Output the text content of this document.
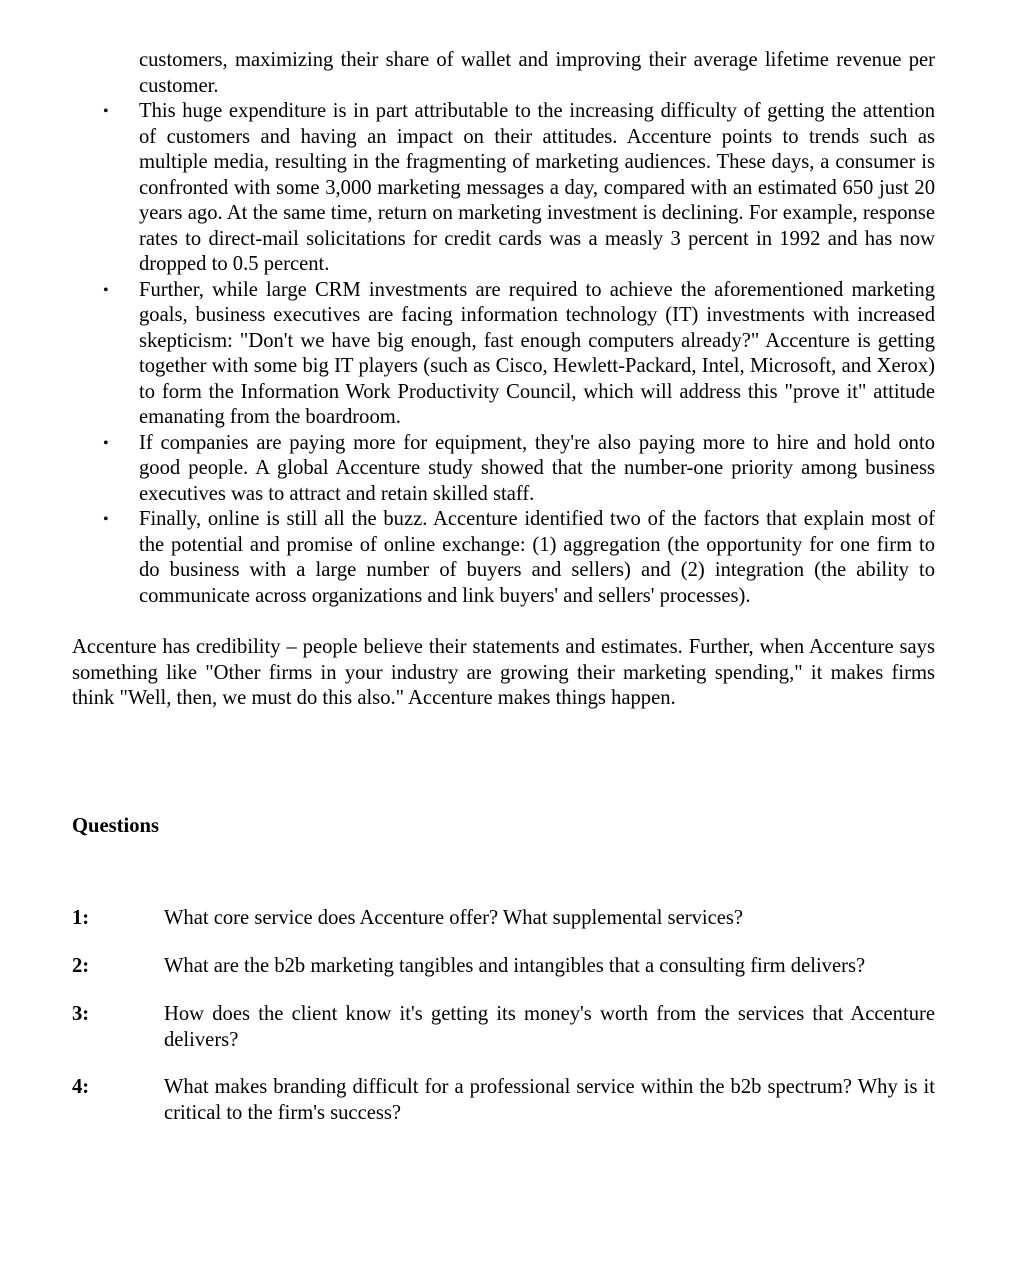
customers, maximizing their share of wallet and improving their average lifetime revenue per customer.
• This huge expenditure is in part attributable to the increasing difficulty of getting the attention of customers and having an impact on their attitudes. Accenture points to trends such as multiple media, resulting in the fragmenting of marketing audiences. These days, a consumer is confronted with some 3,000 marketing messages a day, compared with an estimated 650 just 20 years ago. At the same time, return on marketing investment is declining. For example, response rates to direct-mail solicitations for credit cards was a measly 3 percent in 1992 and has now dropped to 0.5 percent.
• Further, while large CRM investments are required to achieve the aforementioned marketing goals, business executives are facing information technology (IT) investments with increased skepticism: "Don't we have big enough, fast enough computers already?" Accenture is getting together with some big IT players (such as Cisco, Hewlett-Packard, Intel, Microsoft, and Xerox) to form the Information Work Productivity Council, which will address this "prove it" attitude emanating from the boardroom.
• If companies are paying more for equipment, they're also paying more to hire and hold onto good people. A global Accenture study showed that the number-one priority among business executives was to attract and retain skilled staff.
• Finally, online is still all the buzz. Accenture identified two of the factors that explain most of the potential and promise of online exchange: (1) aggregation (the opportunity for one firm to do business with a large number of buyers and sellers) and (2) integration (the ability to communicate across organizations and link buyers' and sellers' processes).

Accenture has credibility – people believe their statements and estimates. Further, when Accenture says something like "Other firms in your industry are growing their marketing spending," it makes firms think "Well, then, we must do this also." Accenture makes things happen.

Questions
1:	What core service does Accenture offer? What supplemental services?
2:	What are the b2b marketing tangibles and intangibles that a consulting firm delivers?
3:	How does the client know it's getting its money's worth from the services that Accenture delivers?
4:	What makes branding difficult for a professional service within the b2b spectrum? Why is it critical to the firm's success?
